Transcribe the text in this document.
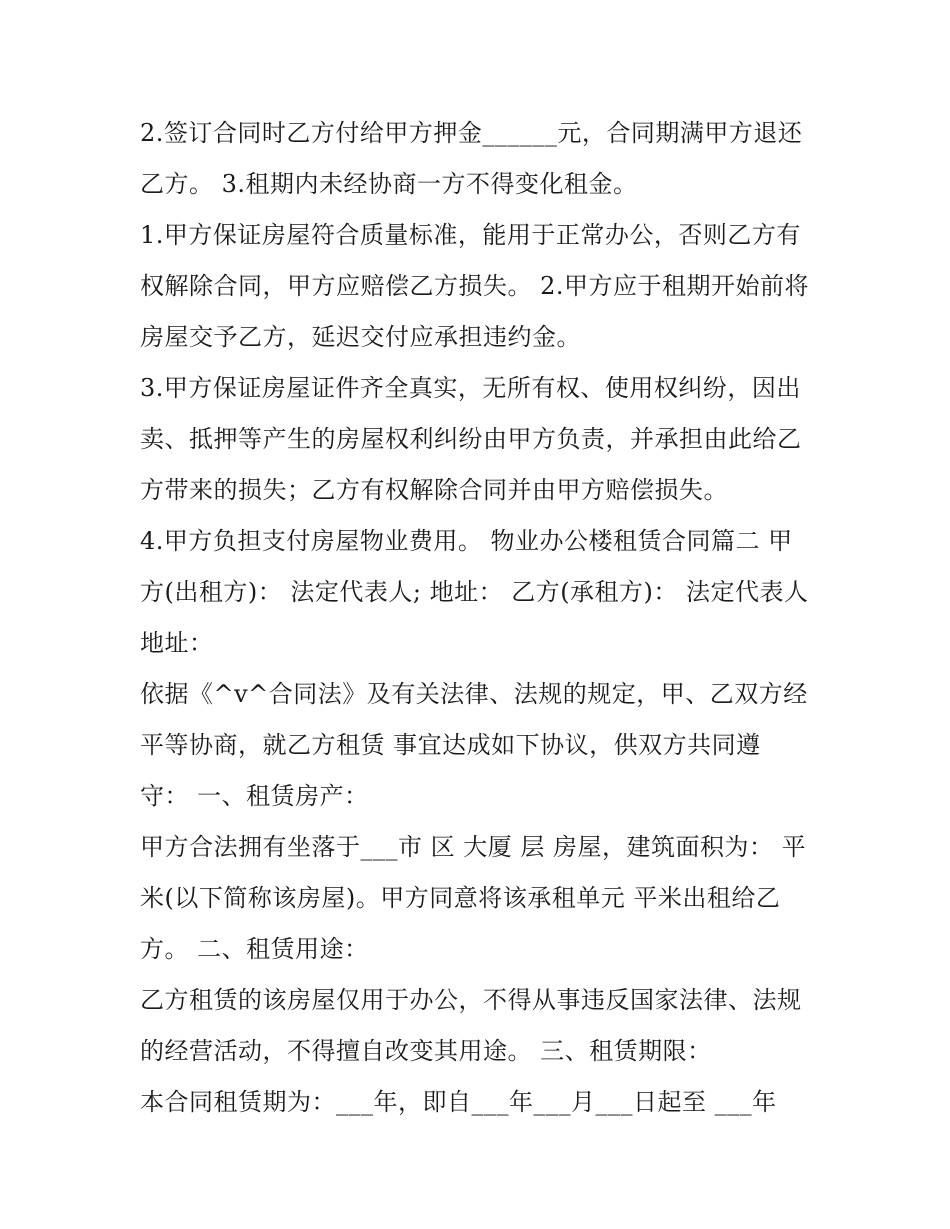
2.签订合同时乙方付给甲方押金______元，合同期满甲方退还
乙方。 3.租期内未经协商一方不得变化租金。
1.甲方保证房屋符合质量标准，能用于正常办公，否则乙方有
权解除合同，甲方应赔偿乙方损失。 2.甲方应于租期开始前将
房屋交予乙方，延迟交付应承担违约金。
3.甲方保证房屋证件齐全真实，无所有权、使用权纠纷，因出
卖、抵押等产生的房屋权利纠纷由甲方负责，并承担由此给乙
方带来的损失；乙方有权解除合同并由甲方赔偿损失。
4.甲方负担支付房屋物业费用。 物业办公楼租赁合同篇二 甲
方(出租方)： 法定代表人; 地址： 乙方(承租方)： 法定代表人
地址：
依据《^v^合同法》及有关法律、法规的规定，甲、乙双方经
平等协商，就乙方租赁 事宜达成如下协议，供双方共同遵
守： 一、租赁房产：
甲方合法拥有坐落于___市 区 大厦 层 房屋，建筑面积为： 平
米(以下简称该房屋)。甲方同意将该承租单元 平米出租给乙
方。 二、租赁用途：
乙方租赁的该房屋仅用于办公，不得从事违反国家法律、法规
的经营活动，不得擅自改变其用途。 三、租赁期限：
本合同租赁期为：___年，即自___年___月___日起至 ___年
